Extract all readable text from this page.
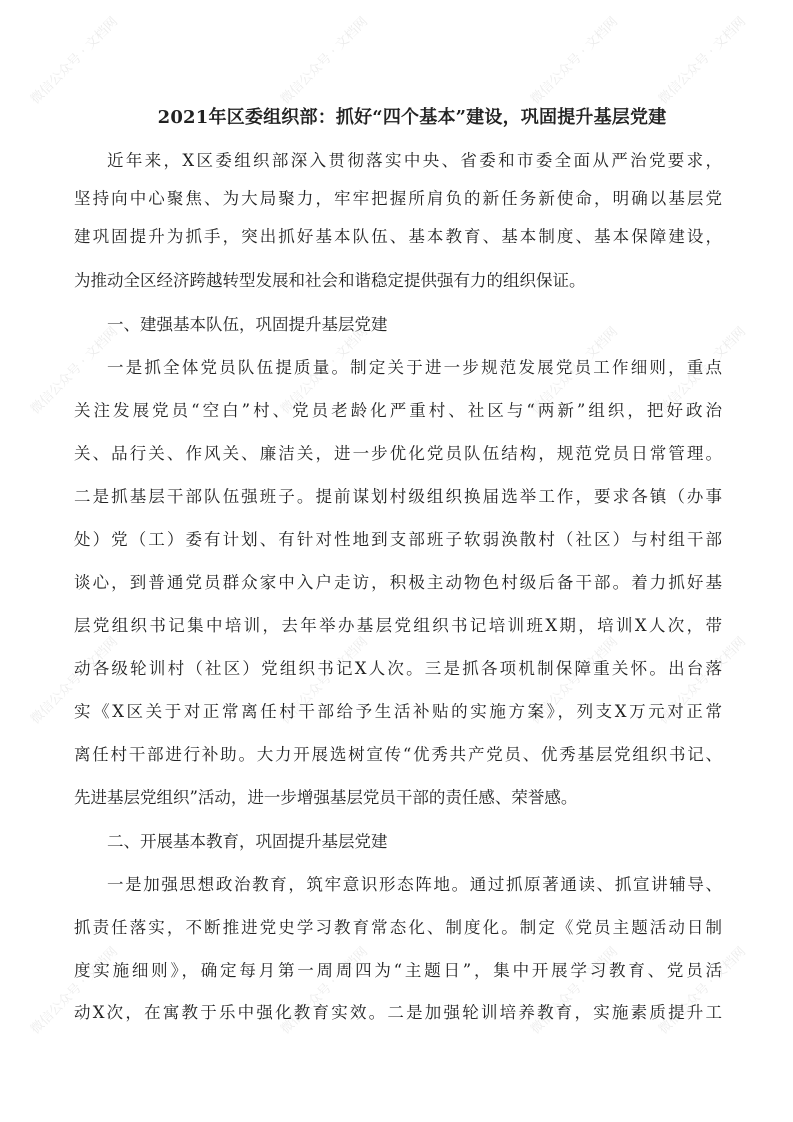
微信公众号 · 文档网	微信公众号 · 文档网	微信公众号 · 文档网	微信公众号 · 文档网
微信公众号 · 文档网	微信公众号 · 文档网	微信公众号 · 文档网	微信公众号 · 文档网
微信公众号 · 文档网	微信公众号 · 文档网	微信公众号 · 文档网	微信公众号 · 文档网
微信公众号 · 文档网	微信公众号 · 文档网	微信公众号 · 文档网	微信公众号 · 文档网
2021年区委组织部：抓好“四个基本”建设，巩固提升基层党建
近年来，X区委组织部深入贯彻落实中央、省委和市委全面从严治党要求，
坚持向中心聚焦、为大局聚力，牢牢把握所肩负的新任务新使命，明确以基层党
建巩固提升为抓手，突出抓好基本队伍、基本教育、基本制度、基本保障建设，
为推动全区经济跨越转型发展和社会和谐稳定提供强有力的组织保证。
一、建强基本队伍，巩固提升基层党建
一是抓全体党员队伍提质量。制定关于进一步规范发展党员工作细则，重点
关注发展党员“空白”村、党员老龄化严重村、社区与“两新”组织，把好政治
关、品行关、作风关、廉洁关，进一步优化党员队伍结构，规范党员日常管理。
二是抓基层干部队伍强班子。提前谋划村级组织换届选举工作，要求各镇（办事
处）党（工）委有计划、有针对性地到支部班子软弱涣散村（社区）与村组干部
谈心，到普通党员群众家中入户走访，积极主动物色村级后备干部。着力抓好基
层党组织书记集中培训，去年举办基层党组织书记培训班X期，培训X人次，带
动各级轮训村（社区）党组织书记X人次。三是抓各项机制保障重关怀。出台落
实《X区关于对正常离任村干部给予生活补贴的实施方案》，列支X万元对正常
离任村干部进行补助。大力开展选树宣传“优秀共产党员、优秀基层党组织书记、
先进基层党组织”活动，进一步增强基层党员干部的责任感、荣誉感。
二、开展基本教育，巩固提升基层党建
一是加强思想政治教育，筑牢意识形态阵地。通过抓原著通读、抓宣讲辅导、
抓责任落实，不断推进党史学习教育常态化、制度化。制定《党员主题活动日制
度实施细则》，确定每月第一周周四为“主题日”，集中开展学习教育、党员活
动X次，在寓教于乐中强化教育实效。二是加强轮训培养教育，实施素质提升工
